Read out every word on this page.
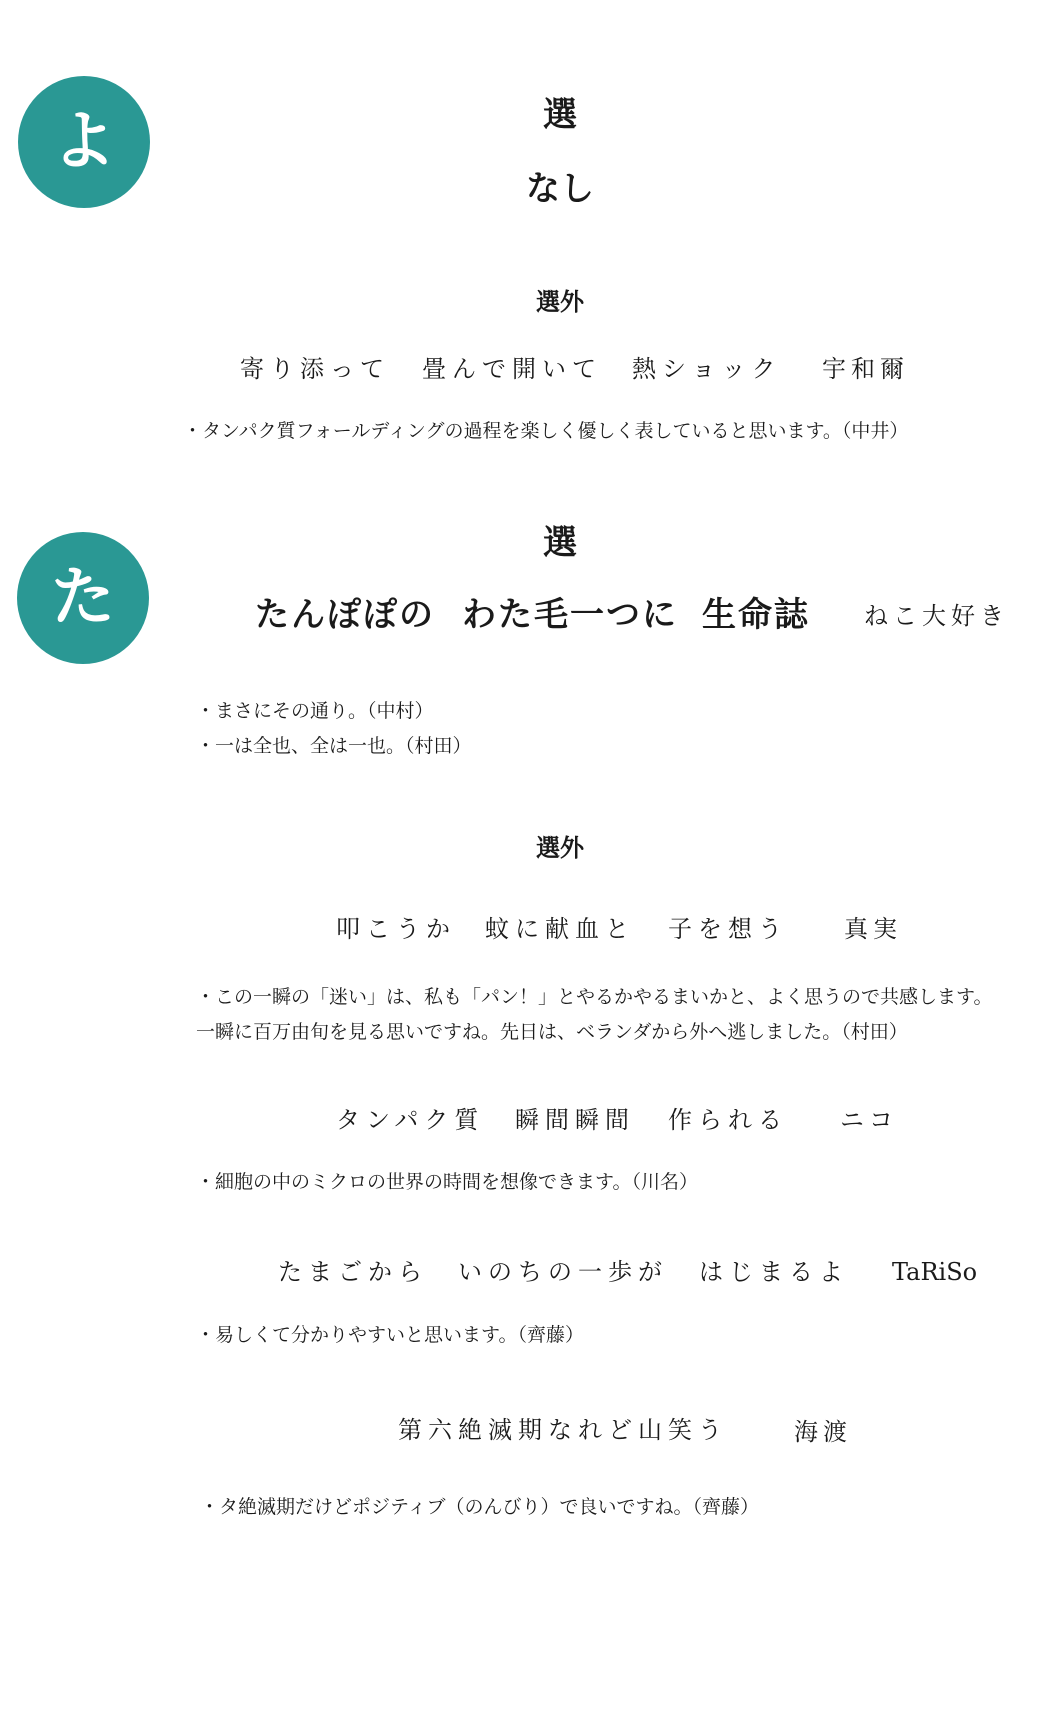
よ	選
なし
選外
寄り添って 畳んで開いて 熱ショック 宇和爾
・タンパク質フォールディングの過程を楽しく優しく表していると思います。（中井）
た
選
たんぽぽの わた毛一つに 生命誌 ねこ大好き
・まさにその通り。（中村）
・一は全也、全は一也。（村田）
選外
叩こうか 蚊に献血と 子を想う 真実
・この一瞬の「迷い」は、私も「パン！」とやるかやるまいかと、よく思うので共感します。
一瞬に百万由旬を見る思いですね。先日は、ベランダから外へ逃しました。（村田）
タンパク質 瞬間瞬間 作られる ニコ
・細胞の中のミクロの世界の時間を想像できます。（川名）
たまごから いのちの一歩が はじまるよ TaRiSo
・易しくて分かりやすいと思います。（齊藤）
第六絶滅期なれど山笑う	海渡
・タ絶滅期だけどポジティブ（のんびり）で良いですね。（齊藤）
